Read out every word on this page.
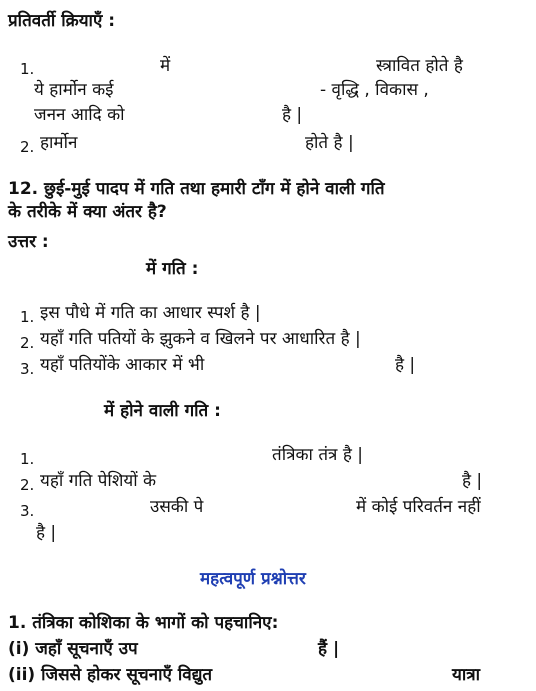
प्रतिवर्ती क्रियाएँ :
1.	में	स्त्रावित होते है
ये हार्मोन कई	- वृद्धि , विकास ,
जनन आदि को	है |
2. हार्मोन	होते है |
12. छुई-मुई पादप में गति तथा हमारी टाँग में होने वाली गति
के तरीके में क्या अंतर है?
उत्तर :
में गति :
1. इस पौधे में गति का आधार स्पर्श है |
2. यहाँ गति पतियों के झुकने व खिलने पर आधारित है |
3. यहाँ पतियोंके आकार में भी	है |
में होने वाली गति :
1.	तंत्रिका तंत्र है |
2. यहाँ गति पेशियों के	है |
3.	उसकी पे	में कोई परिवर्तन नहीं
है |
महत्वपूर्ण प्रश्नोत्तर
1. तंत्रिका कोशिका के भागों को पहचानिए:
(i) जहाँ सूचनाएँ उप	हैं |
(ii) जिससे होकर सूचनाएँ विद्युत	यात्रा
